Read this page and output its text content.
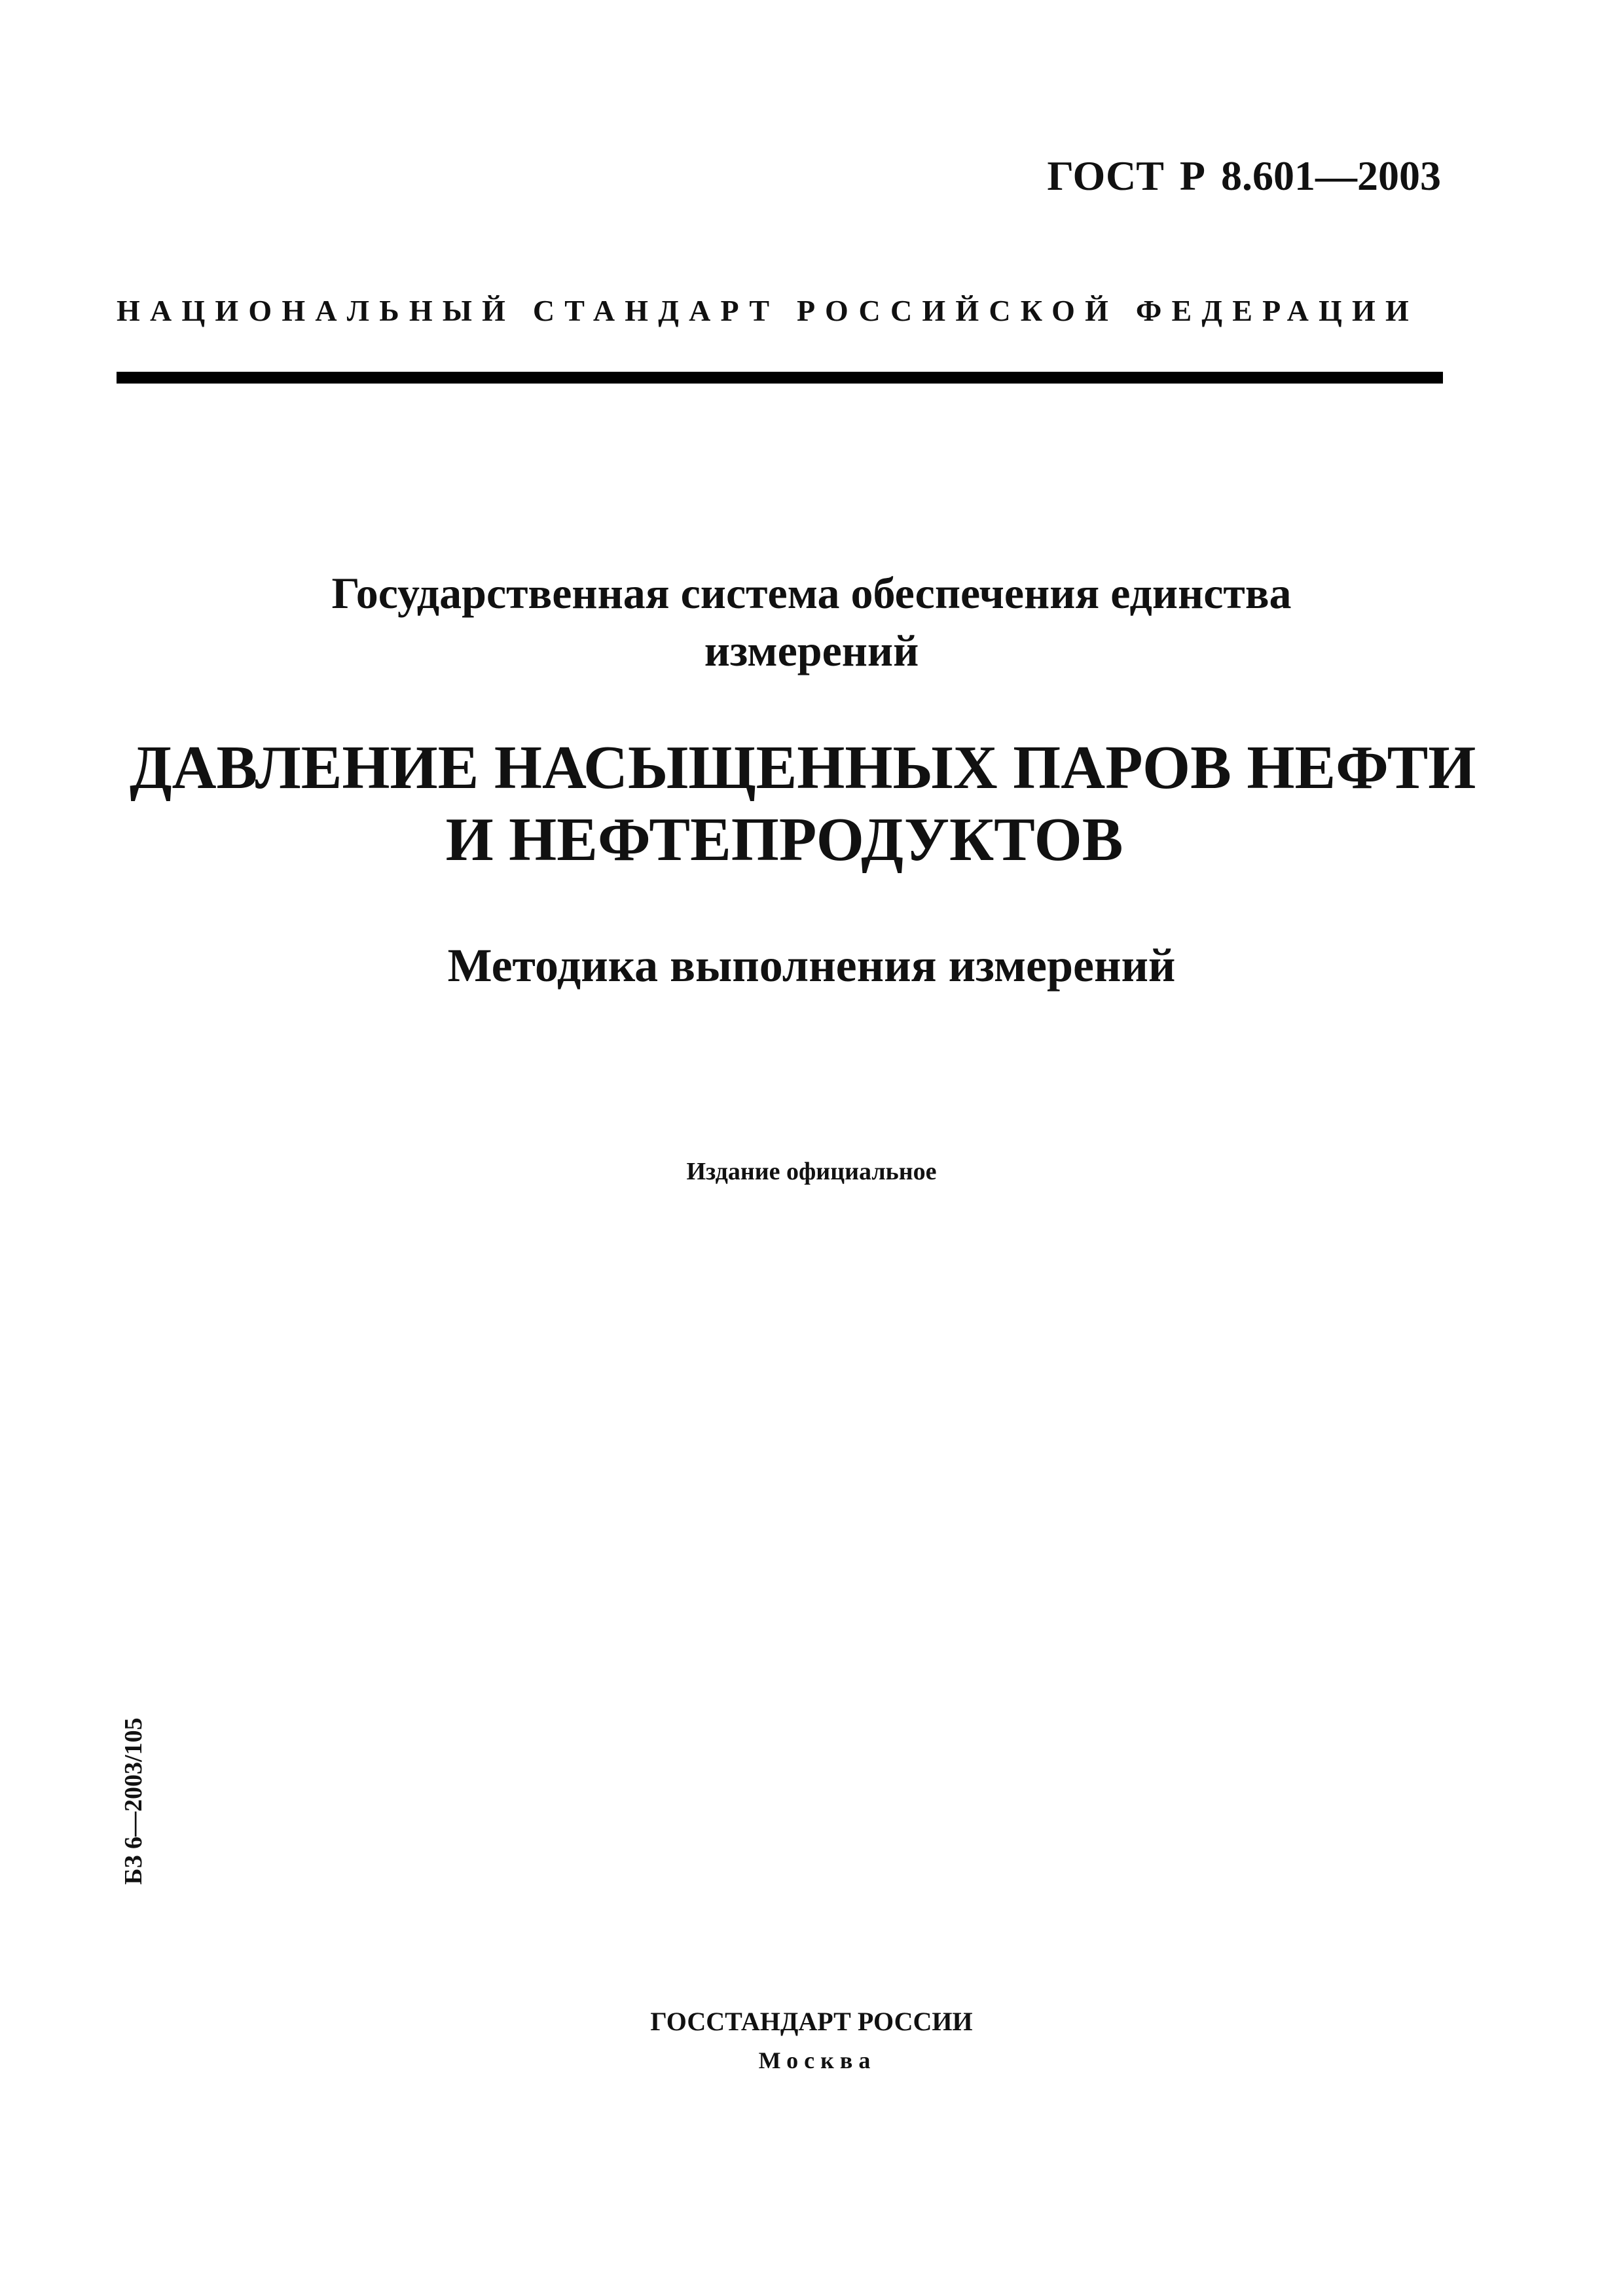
ГОСТ Р 8.601—2003
НАЦИОНАЛЬНЫЙ СТАНДАРТ РОССИЙСКОЙ ФЕДЕРАЦИИ
Государственная система обеспечения единства
измерений
ДАВЛЕНИЕ НАСЫЩЕННЫХ ПАРОВ НЕФТИ
И НЕФТЕПРОДУКТОВ
Методика выполнения измерений
Издание официальное
БЗ 6—2003/105
ГОССТАНДАРТ РОССИИ
Москва
